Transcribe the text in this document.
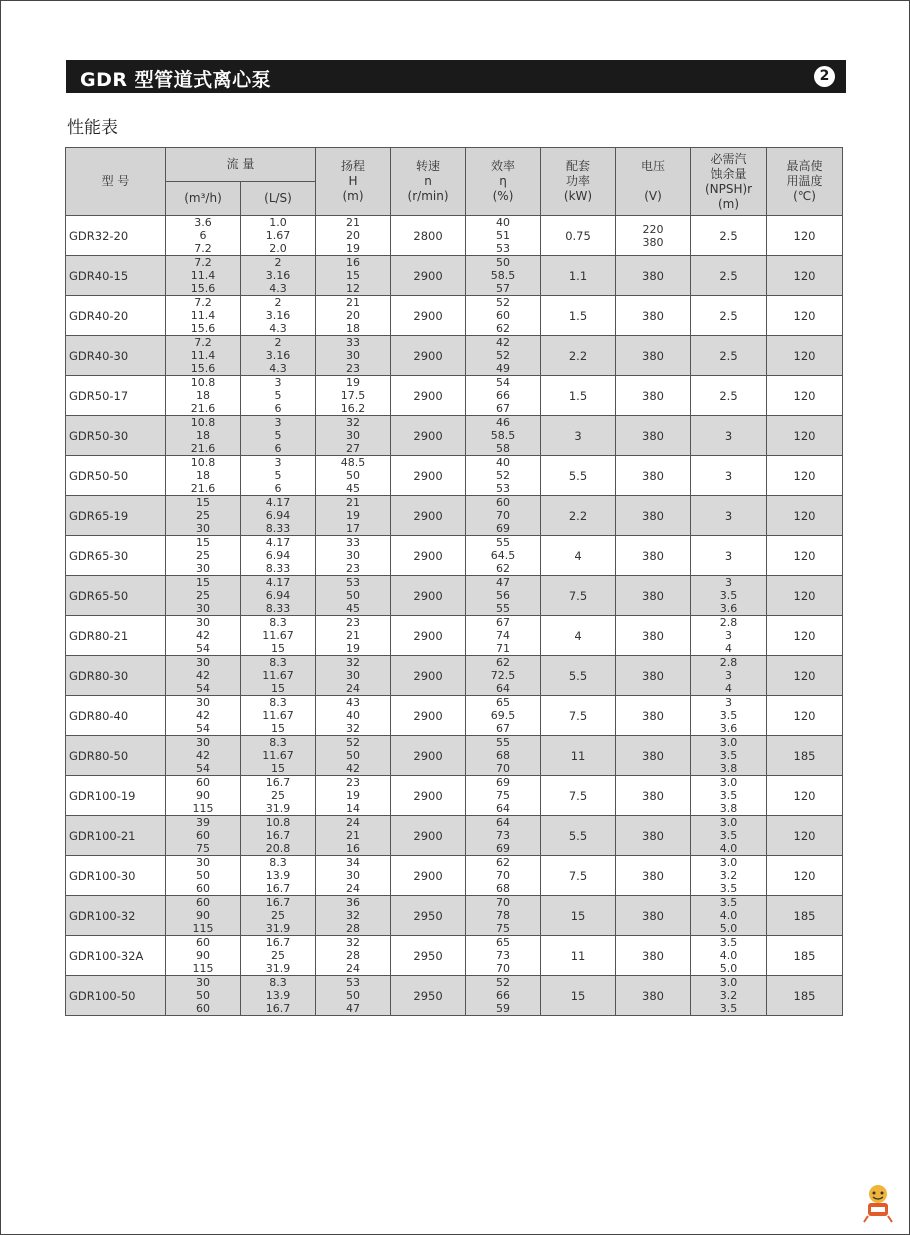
GDR 型管道式离心泵	2
性能表
型 号	流 量		扬程
H
(m)	转速
n
(r/min)	效率
η
(%)	配套
功率
(kW)	电压

(V)	必需汽
蚀余量
(NPSH)r
(m)	最高使
用温度
(℃)
	(m³/h)	(L/S)							
GDR32-20	3.6
6
7.2	1.0
1.67
2.0	21
20
19	2800	40
51
53	0.75	220
380	2.5	120
GDR40-15	7.2
11.4
15.6	2
3.16
4.3	16
15
12	2900	50
58.5
57	1.1	380	2.5	120
GDR40-20	7.2
11.4
15.6	2
3.16
4.3	21
20
18	2900	52
60
62	1.5	380	2.5	120
GDR40-30	7.2
11.4
15.6	2
3.16
4.3	33
30
23	2900	42
52
49	2.2	380	2.5	120
GDR50-17	10.8
18
21.6	3
5
6	19
17.5
16.2	2900	54
66
67	1.5	380	2.5	120
GDR50-30	10.8
18
21.6	3
5
6	32
30
27	2900	46
58.5
58	3	380	3	120
GDR50-50	10.8
18
21.6	3
5
6	48.5
50
45	2900	40
52
53	5.5	380	3	120
GDR65-19	15
25
30	4.17
6.94
8.33	21
19
17	2900	60
70
69	2.2	380	3	120
GDR65-30	15
25
30	4.17
6.94
8.33	33
30
23	2900	55
64.5
62	4	380	3	120
GDR65-50	15
25
30	4.17
6.94
8.33	53
50
45	2900	47
56
55	7.5	380	3
3.5
3.6	120
GDR80-21	30
42
54	8.3
11.67
15	23
21
19	2900	67
74
71	4	380	2.8
3
4	120
GDR80-30	30
42
54	8.3
11.67
15	32
30
24	2900	62
72.5
64	5.5	380	2.8
3
4	120
GDR80-40	30
42
54	8.3
11.67
15	43
40
32	2900	65
69.5
67	7.5	380	3
3.5
3.6	120
GDR80-50	30
42
54	8.3
11.67
15	52
50
42	2900	55
68
70	11	380	3.0
3.5
3.8	185
GDR100-19	60
90
115	16.7
25
31.9	23
19
14	2900	69
75
64	7.5	380	3.0
3.5
3.8	120
GDR100-21	39
60
75	10.8
16.7
20.8	24
21
16	2900	64
73
69	5.5	380	3.0
3.5
4.0	120
GDR100-30	30
50
60	8.3
13.9
16.7	34
30
24	2900	62
70
68	7.5	380	3.0
3.2
3.5	120
GDR100-32	60
90
115	16.7
25
31.9	36
32
28	2950	70
78
75	15	380	3.5
4.0
5.0	185
GDR100-32A	60
90
115	16.7
25
31.9	32
28
24	2950	65
73
70	11	380	3.5
4.0
5.0	185
GDR100-50	30
50
60	8.3
13.9
16.7	53
50
47	2950	52
66
59	15	380	3.0
3.2
3.5	185
